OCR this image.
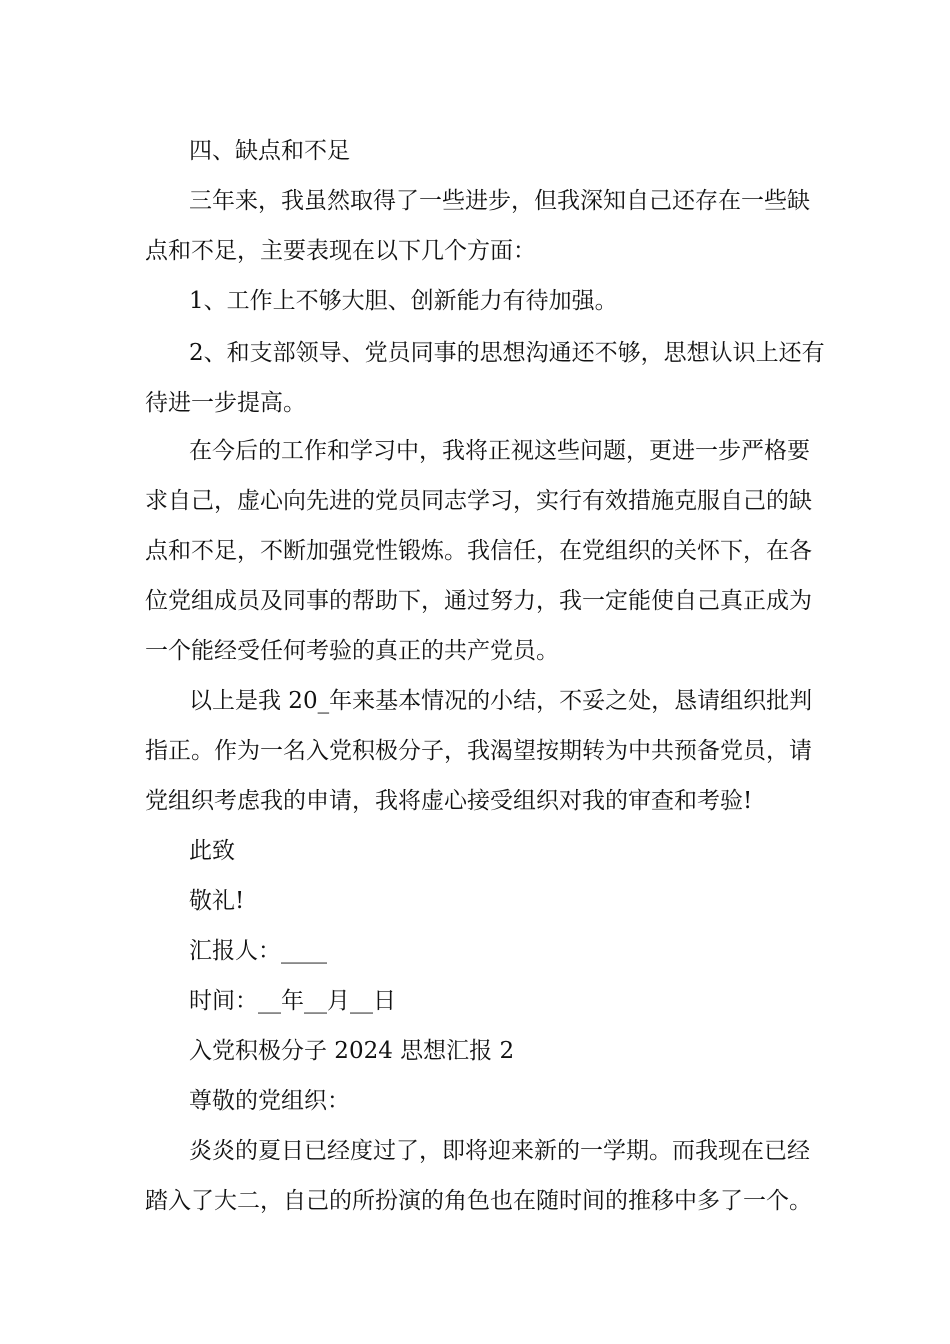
四、缺点和不足

三年来，我虽然取得了一些进步，但我深知自己还存在一些缺

点和不足，主要表现在以下几个方面：

1、工作上不够大胆、创新能力有待加强。

2、和支部领导、党员同事的思想沟通还不够，思想认识上还有

待进一步提高。

在今后的工作和学习中，我将正视这些问题，更进一步严格要

求自己，虚心向先进的党员同志学习，实行有效措施克服自己的缺

点和不足，不断加强党性锻炼。我信任，在党组织的关怀下，在各

位党组成员及同事的帮助下，通过努力，我一定能使自己真正成为

一个能经受任何考验的真正的共产党员。

以上是我 20_年来基本情况的小结，不妥之处，恳请组织批判

指正。作为一名入党积极分子，我渴望按期转为中共预备党员，请

党组织考虑我的申请，我将虚心接受组织对我的审查和考验!

此致

敬礼!

汇报人：____

时间：__年__月__日

入党积极分子 2024 思想汇报 2

尊敬的党组织：

炎炎的夏日已经度过了，即将迎来新的一学期。而我现在已经

踏入了大二，自己的所扮演的角色也在随时间的推移中多了一个。
